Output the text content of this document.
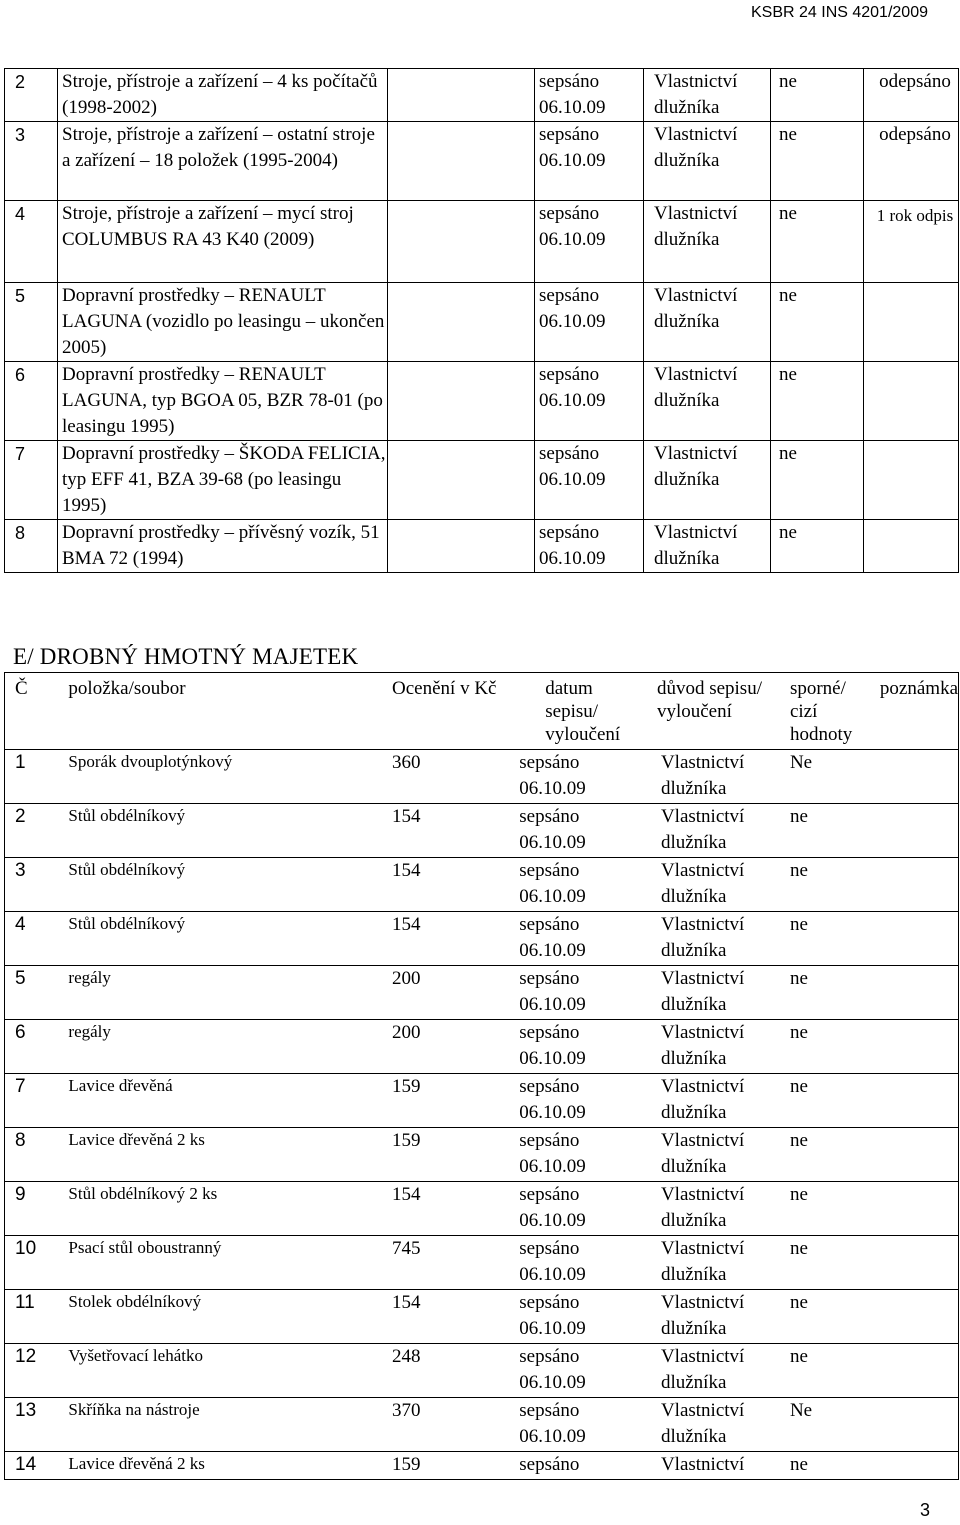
KSBR 24 INS 4201/2009
2	Stroje, přístroje a zařízení – 4 ks počítačů (1998-2002)		sepsáno 06.10.09	Vlastnictví dlužníka	ne	odepsáno
3	Stroje, přístroje a zařízení – ostatní stroje a zařízení – 18 položek (1995-2004)		sepsáno 06.10.09	Vlastnictví dlužníka	ne	odepsáno
4	Stroje, přístroje a zařízení – mycí stroj COLUMBUS RA 43 K40 (2009)		sepsáno 06.10.09	Vlastnictví dlužníka	ne	1 rok odpis
5	Dopravní prostředky – RENAULT LAGUNA (vozidlo po leasingu – ukončen 2005)		sepsáno 06.10.09	Vlastnictví dlužníka	ne	
6	Dopravní prostředky – RENAULT LAGUNA, typ BGOA 05, BZR 78-01 (po leasingu 1995)		sepsáno 06.10.09	Vlastnictví dlužníka	ne	
7	Dopravní prostředky – ŠKODA FELICIA, typ EFF 41, BZA 39-68 (po leasingu 1995)		sepsáno 06.10.09	Vlastnictví dlužníka	ne	
8	Dopravní prostředky – přívěsný vozík, 51 BMA 72 (1994)		sepsáno 06.10.09	Vlastnictví dlužníka	ne	
E/ DROBNÝ HMOTNÝ MAJETEK
Č	položka/soubor	Ocenění v Kč	datum sepisu/ vyloučení	důvod sepisu/ vyloučení	sporné/ cizí hodnoty	poznámka
1	Sporák dvouplotýnkový	360	sepsáno 06.10.09	Vlastnictví dlužníka	Ne	
2	Stůl obdélníkový	154	sepsáno 06.10.09	Vlastnictví dlužníka	ne	
3	Stůl obdélníkový	154	sepsáno 06.10.09	Vlastnictví dlužníka	ne	
4	Stůl obdélníkový	154	sepsáno 06.10.09	Vlastnictví dlužníka	ne	
5	regály	200	sepsáno 06.10.09	Vlastnictví dlužníka	ne	
6	regály	200	sepsáno 06.10.09	Vlastnictví dlužníka	ne	
7	Lavice dřevěná	159	sepsáno 06.10.09	Vlastnictví dlužníka	ne	
8	Lavice dřevěná 2 ks	159	sepsáno 06.10.09	Vlastnictví dlužníka	ne	
9	Stůl obdélníkový 2 ks	154	sepsáno 06.10.09	Vlastnictví dlužníka	ne	
10	Psací stůl oboustranný	745	sepsáno 06.10.09	Vlastnictví dlužníka	ne	
11	Stolek obdélníkový	154	sepsáno 06.10.09	Vlastnictví dlužníka	ne	
12	Vyšetřovací lehátko	248	sepsáno 06.10.09	Vlastnictví dlužníka	ne	
13	Skříňka na nástroje	370	sepsáno 06.10.09	Vlastnictví dlužníka	Ne	
14	Lavice dřevěná 2 ks	159	sepsáno	Vlastnictví	ne	
3
